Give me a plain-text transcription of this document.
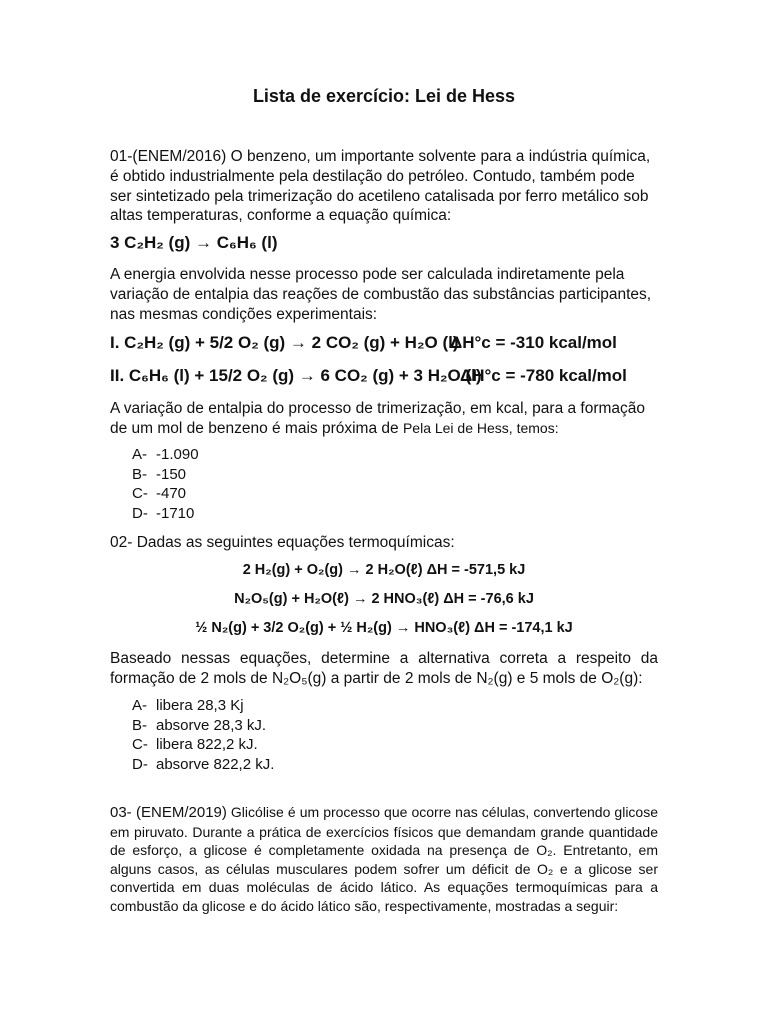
Lista de exercício: Lei de Hess
01-(ENEM/2016) O benzeno, um importante solvente para a indústria química, é obtido industrialmente pela destilação do petróleo. Contudo, também pode ser sintetizado pela trimerização do acetileno catalisada por ferro metálico sob altas temperaturas, conforme a equação química:
3 C₂H₂ (g) → C₆H₆ (l)
A energia envolvida nesse processo pode ser calculada indiretamente pela variação de entalpia das reações de combustão das substâncias participantes, nas mesmas condições experimentais:
I. C₂H₂ (g) + 5/2 O₂ (g) → 2 CO₂ (g) + H₂O (l)
ΔH°c = -310 kcal/mol
II. C₆H₆ (l) + 15/2 O₂ (g) → 6 CO₂ (g) + 3 H₂O (l)
ΔH°c = -780 kcal/mol
A variação de entalpia do processo de trimerização, em kcal, para a formação de um mol de benzeno é mais próxima de Pela Lei de Hess, temos:
A- -1.090
B- -150
C- -470
D- -1710
02- Dadas as seguintes equações termoquímicas:
2 H₂(g) + O₂(g) → 2 H₂O(ℓ) ΔH = -571,5 kJ
N₂O₅(g) + H₂O(ℓ) → 2 HNO₃(ℓ) ΔH = -76,6 kJ
½ N₂(g) + 3/2 O₂(g) + ½ H₂(g) → HNO₃(ℓ) ΔH = -174,1 kJ
Baseado nessas equações, determine a alternativa correta a respeito da formação de 2 mols de N₂O₅(g) a partir de 2 mols de N₂(g) e 5 mols de O₂(g):
A- libera 28,3 Kj
B- absorve 28,3 kJ.
C- libera 822,2 kJ.
D- absorve 822,2 kJ.
03- (ENEM/2019) Glicólise é um processo que ocorre nas células, convertendo glicose em piruvato. Durante a prática de exercícios físicos que demandam grande quantidade de esforço, a glicose é completamente oxidada na presença de O₂. Entretanto, em alguns casos, as células musculares podem sofrer um déficit de O₂ e a glicose ser convertida em duas moléculas de ácido lático. As equações termoquímicas para a combustão da glicose e do ácido lático são, respectivamente, mostradas a seguir:
